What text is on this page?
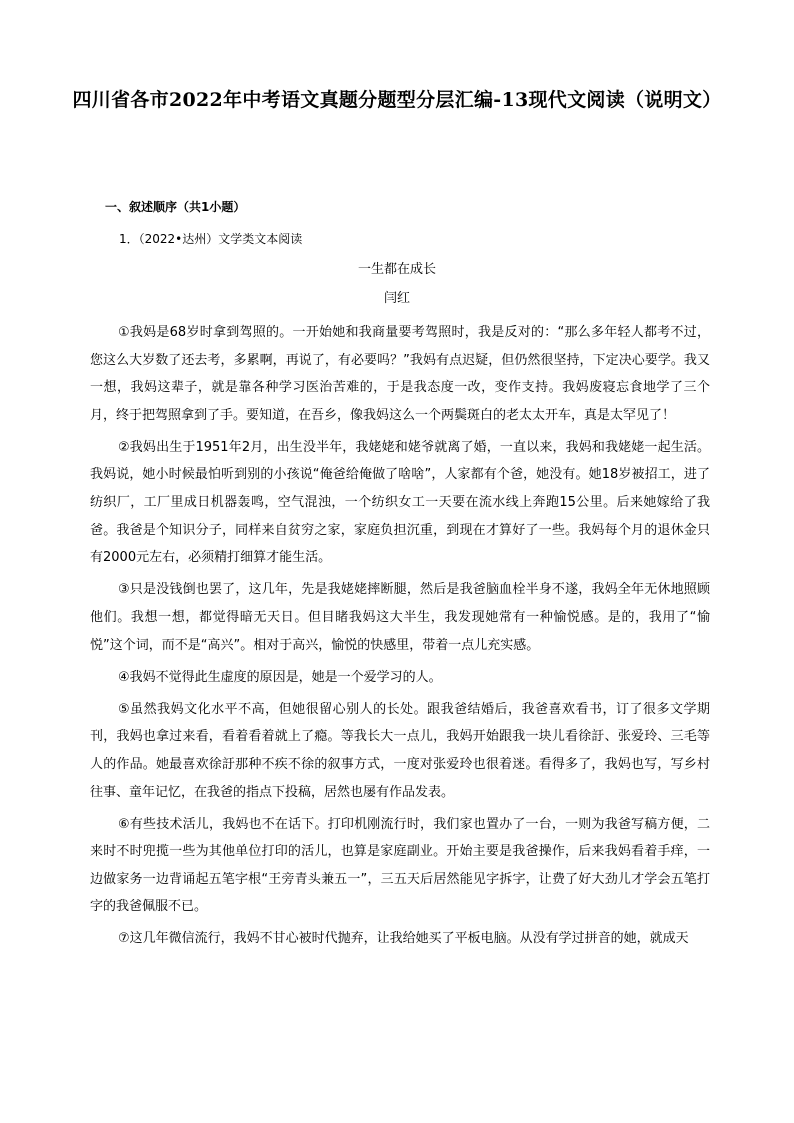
四川省各市2022年中考语文真题分题型分层汇编-13现代文阅读（说明文）
一、叙述顺序（共1小题）
1．（2022•达州）文学类文本阅读
一生都在成长
闫红

①我妈是68岁时拿到驾照的。一开始她和我商量要考驾照时，我是反对的：“那么多年轻人都考不过，您这么大岁数了还去考，多累啊，再说了，有必要吗？”我妈有点迟疑，但仍然很坚持，下定决心要学。我又一想，我妈这辈子，就是靠各种学习医治苦难的，于是我态度一改，变作支持。我妈废寝忘食地学了三个月，终于把驾照拿到了手。要知道，在吾乡，像我妈这么一个两鬓斑白的老太太开车，真是太罕见了！

②我妈出生于1951年2月，出生没半年，我姥姥和姥爷就离了婚，一直以来，我妈和我姥姥一起生活。我妈说，她小时候最怕听到别的小孩说“俺爸给俺做了啥啥”，人家都有个爸，她没有。她18岁被招工，进了纺织厂，工厂里成日机器轰鸣，空气混浊，一个纺织女工一天要在流水线上奔跑15公里。后来她嫁给了我爸。我爸是个知识分子，同样来自贫穷之家，家庭负担沉重，到现在才算好了一些。我妈每个月的退休金只有2000元左右，必须精打细算才能生活。

③只是没钱倒也罢了，这几年，先是我姥姥摔断腿，然后是我爸脑血栓半身不遂，我妈全年无休地照顾他们。我想一想，都觉得暗无天日。但目睹我妈这大半生，我发现她常有一种愉悦感。是的，我用了“愉悦”这个词，而不是“高兴”。相对于高兴，愉悦的快感里，带着一点儿充实感。

④我妈不觉得此生虚度的原因是，她是一个爱学习的人。

⑤虽然我妈文化水平不高，但她很留心别人的长处。跟我爸结婚后，我爸喜欢看书，订了很多文学期刊，我妈也拿过来看，看着看着就上了瘾。等我长大一点儿，我妈开始跟我一块儿看徐訏、张爱玲、三毛等人的作品。她最喜欢徐訏那种不疾不徐的叙事方式，一度对张爱玲也很着迷。看得多了，我妈也写，写乡村往事、童年记忆，在我爸的指点下投稿，居然也屡有作品发表。

⑥有些技术活儿，我妈也不在话下。打印机刚流行时，我们家也置办了一台，一则为我爸写稿方便，二来时不时兜揽一些为其他单位打印的活儿，也算是家庭副业。开始主要是我爸操作，后来我妈看着手痒，一边做家务一边背诵起五笔字根“王旁青头兼五一”，三五天后居然能见字拆字，让费了好大劲儿才学会五笔打字的我爸佩服不已。

⑦这几年微信流行，我妈不甘心被时代抛弃，让我给她买了平板电脑。从没有学过拼音的她，就成天
